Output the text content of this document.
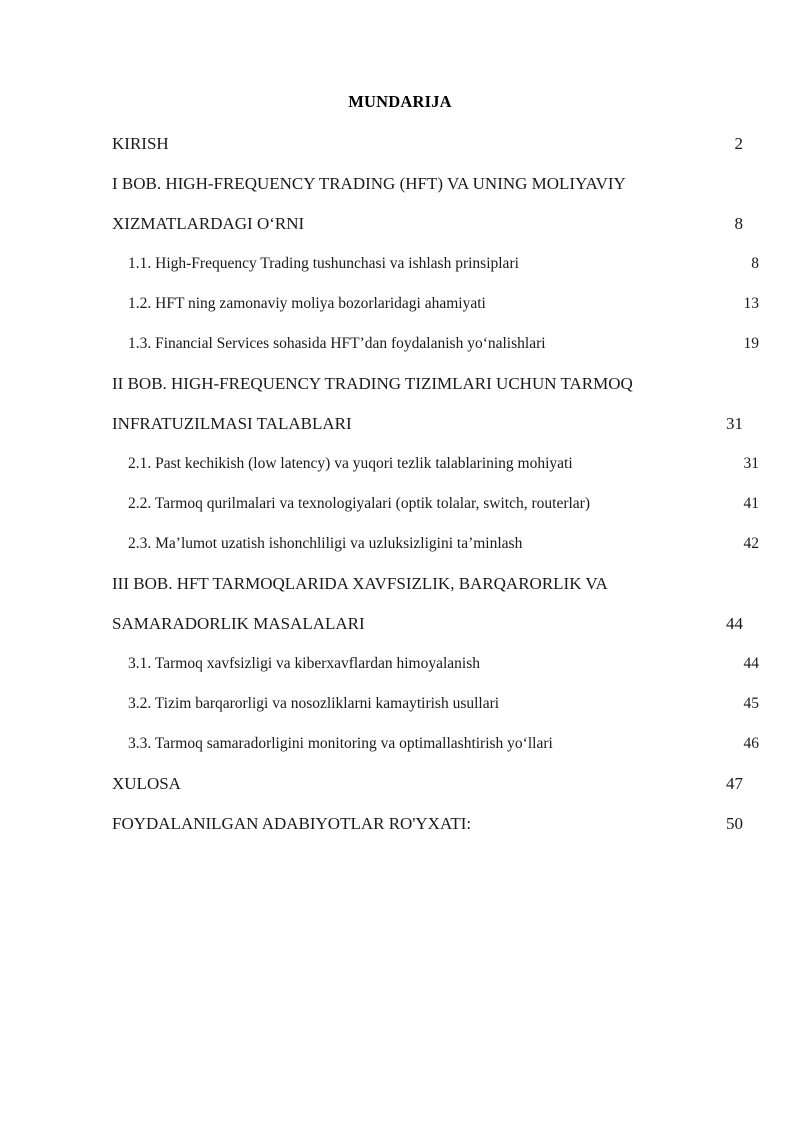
MUNDARIJA
KIRISH .....	2
I BOB. HIGH-FREQUENCY TRADING (HFT) VA UNING MOLIYAVIY
XIZMATLARDAGI O‘RNI .....	8
1.1. High-Frequency Trading tushunchasi va ishlash prinsiplari .....	8
1.2. HFT ning zamonaviy moliya bozorlaridagi ahamiyati .....	13
1.3. Financial Services sohasida HFT’dan foydalanish yo‘nalishlari .....	19
II BOB. HIGH-FREQUENCY TRADING TIZIMLARI UCHUN TARMOQ
INFRATUZILMASI TALABLARI .....	31
2.1. Past kechikish (low latency) va yuqori tezlik talablarining mohiyati .....	31
2.2. Tarmoq qurilmalari va texnologiyalari (optik tolalar, switch, routerlar) .....	41
2.3. Ma’lumot uzatish ishonchliligi va uzluksizligini ta’minlash .....	42
III BOB. HFT TARMOQLARIDA XAVFSIZLIK, BARQARORLIK VA
SAMARADORLIK MASALALARI .....	44
3.1. Tarmoq xavfsizligi va kiberxavflardan himoyalanish .....	44
3.2. Tizim barqarorligi va nosozliklarni kamaytirish usullari .....	45
3.3. Tarmoq samaradorligini monitoring va optimallashtirish yo‘llari .....	46
XULOSA .....	47
FOYDALANILGAN ADABIYOTLAR RO'YXATI: .....	50
